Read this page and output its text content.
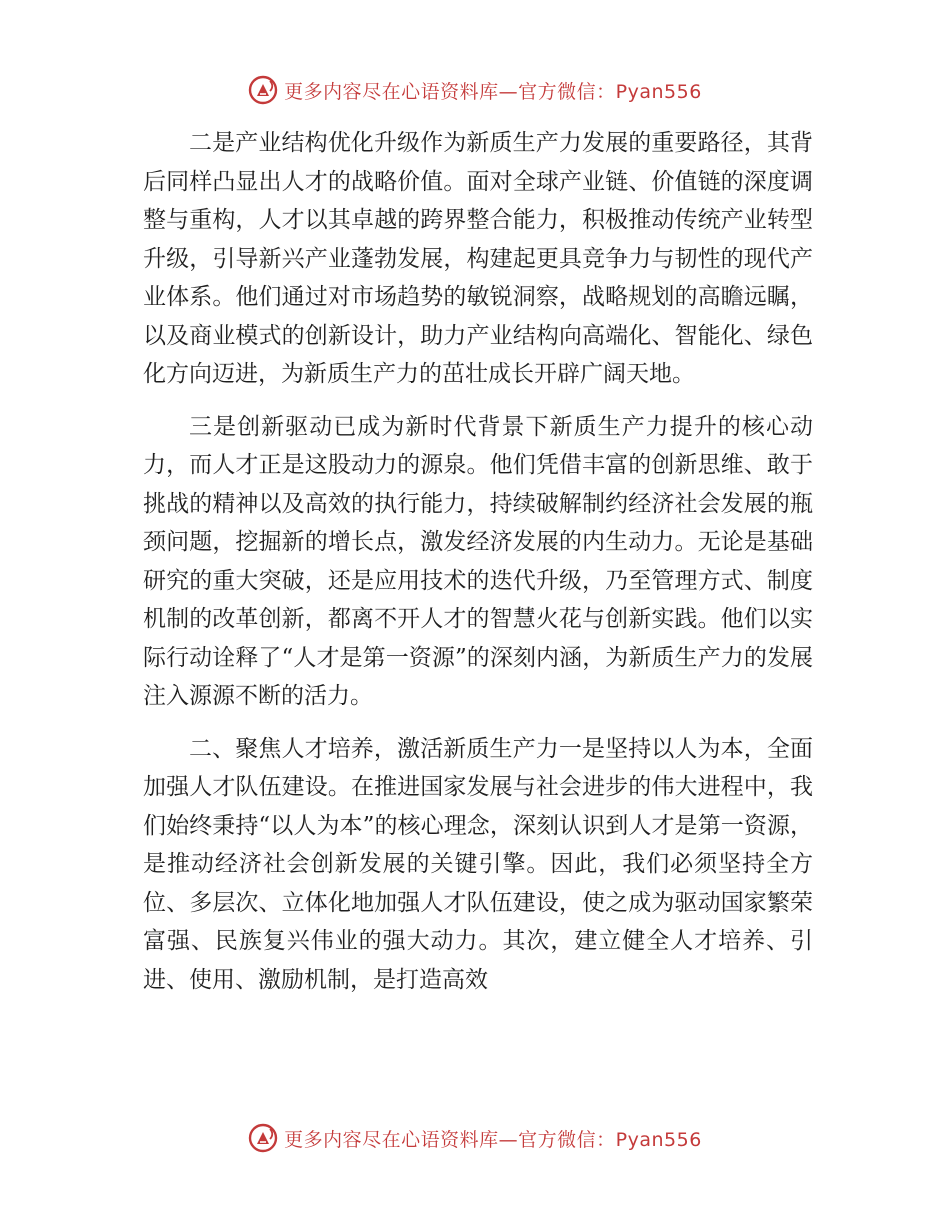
更多内容尽在心语资料库—官方微信：Pyan556

二是产业结构优化升级作为新质生产力发展的重要路径，其背后同样凸显出人才的战略价值。面对全球产业链、价值链的深度调整与重构，人才以其卓越的跨界整合能力，积极推动传统产业转型升级，引导新兴产业蓬勃发展，构建起更具竞争力与韧性的现代产业体系。他们通过对市场趋势的敏锐洞察，战略规划的高瞻远瞩，以及商业模式的创新设计，助力产业结构向高端化、智能化、绿色化方向迈进，为新质生产力的茁壮成长开辟广阔天地。

三是创新驱动已成为新时代背景下新质生产力提升的核心动力，而人才正是这股动力的源泉。他们凭借丰富的创新思维、敢于挑战的精神以及高效的执行能力，持续破解制约经济社会发展的瓶颈问题，挖掘新的增长点，激发经济发展的内生动力。无论是基础研究的重大突破，还是应用技术的迭代升级，乃至管理方式、制度机制的改革创新，都离不开人才的智慧火花与创新实践。他们以实际行动诠释了“人才是第一资源”的深刻内涵，为新质生产力的发展注入源源不断的活力。

二、聚焦人才培养，激活新质生产力一是坚持以人为本，全面加强人才队伍建设。在推进国家发展与社会进步的伟大进程中，我们始终秉持“以人为本”的核心理念，深刻认识到人才是第一资源，是推动经济社会创新发展的关键引擎。因此，我们必须坚持全方位、多层次、立体化地加强人才队伍建设，使之成为驱动国家繁荣富强、民族复兴伟业的强大动力。其次，建立健全人才培养、引进、使用、激励机制，是打造高效

更多内容尽在心语资料库—官方微信：Pyan556
